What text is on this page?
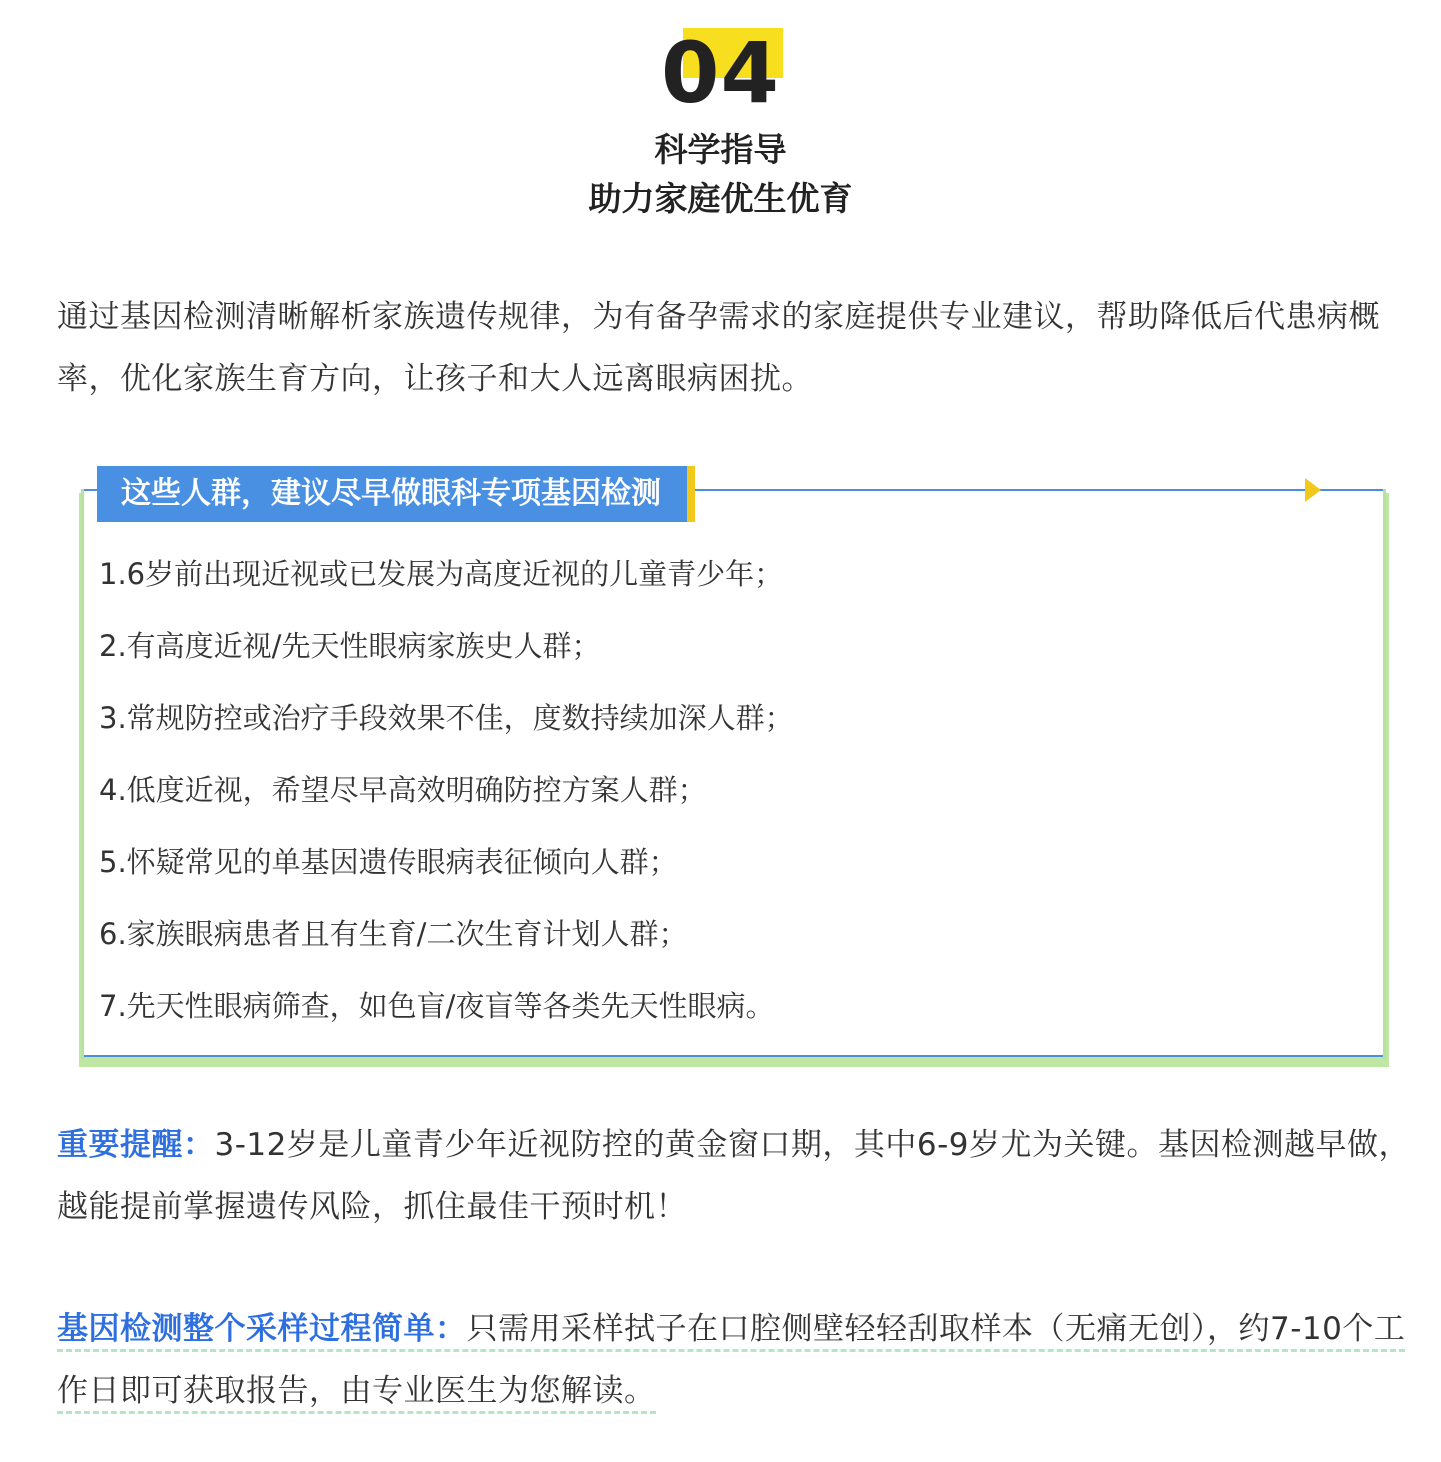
04
科学指导
助力家庭优生优育

通过基因检测清晰解析家族遗传规律，为有备孕需求的家庭提供专业建议，帮助降低后代患病概率，优化家族生育方向，让孩子和大人远离眼病困扰。

这些人群，建议尽早做眼科专项基因检测
1.6岁前出现近视或已发展为高度近视的儿童青少年；
2.有高度近视/先天性眼病家族史人群；
3.常规防控或治疗手段效果不佳，度数持续加深人群；
4.低度近视，希望尽早高效明确防控方案人群；
5.怀疑常见的单基因遗传眼病表征倾向人群；
6.家族眼病患者且有生育/二次生育计划人群；
7.先天性眼病筛查，如色盲/夜盲等各类先天性眼病。

重要提醒：3-12岁是儿童青少年近视防控的黄金窗口期，其中6-9岁尤为关键。基因检测越早做，越能提前掌握遗传风险，抓住最佳干预时机！

基因检测整个采样过程简单：只需用采样拭子在口腔侧壁轻轻刮取样本（无痛无创），约7-10个工作日即可获取报告，由专业医生为您解读。
